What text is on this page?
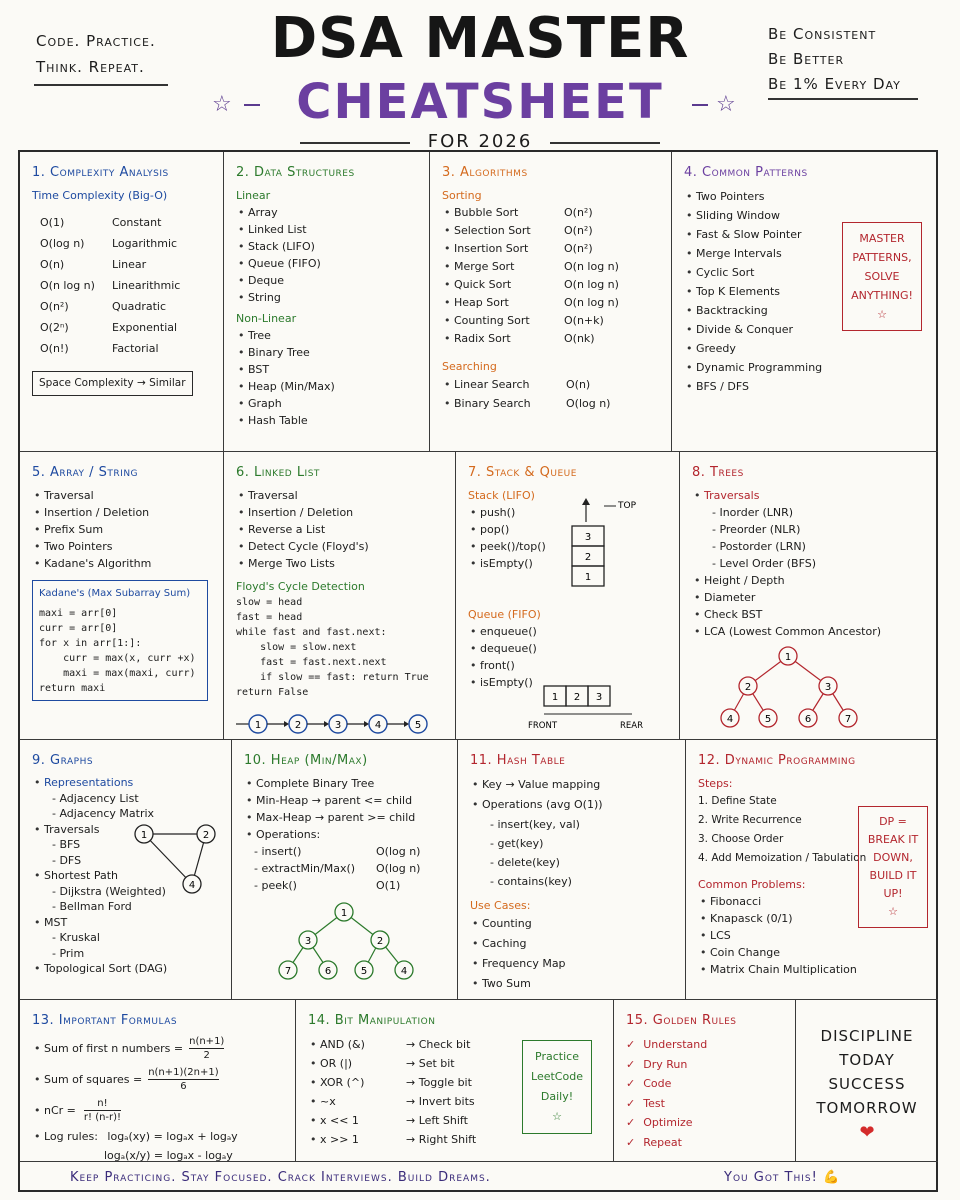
Code. Practice.
Think. Repeat.	DSA MASTER	Be Consistent
Be Better
Be 1% Every Day
CHEATSHEET
☆	☆
FOR 2026
1. Complexity Analysis
Time Complexity (Big-O)
O(1)	Constant
O(log n)	Logarithmic
O(n)	Linear
O(n log n)	Linearithmic
O(n²)	Quadratic
O(2ⁿ)	Exponential
O(n!)	Factorial
Space Complexity → Similar
2. Data Structures
Linear
• Array
• Linked List
• Stack (LIFO)
• Queue (FIFO)
• Deque
• String
Non-Linear
• Tree
• Binary Tree
• BST
• Heap (Min/Max)
• Graph
• Hash Table
3. Algorithms
Sorting
• Bubble Sort	O(n²)
• Selection Sort	O(n²)
• Insertion Sort	O(n²)
• Merge Sort	O(n log n)
• Quick Sort	O(n log n)
• Heap Sort	O(n log n)
• Counting Sort	O(n+k)
• Radix Sort	O(nk)
Searching
• Linear Search	O(n)
• Binary Search	O(log n)
4. Common Patterns
• Two Pointers
• Sliding Window
• Fast & Slow Pointer
• Merge Intervals
• Cyclic Sort
• Top K Elements
• Backtracking
• Divide & Conquer
• Greedy
• Dynamic Programming
• BFS / DFS
MASTER
PATTERNS,
SOLVE
ANYTHING!
☆
5. Array / String
• Traversal
• Insertion / Deletion
• Prefix Sum
• Two Pointers
• Kadane's Algorithm
Kadane's (Max Subarray Sum)
maxi = arr[0]
curr = arr[0]
for x in arr[1:]:
curr = max(x, curr +x)
maxi = max(maxi, curr)
return maxi
6. Linked List
• Traversal
• Insertion / Deletion
• Reverse a List
• Detect Cycle (Floyd's)
• Merge Two Lists
Floyd's Cycle Detection
slow = head
fast = head
while fast and fast.next:
slow = slow.next
fast = fast.next.next
if slow == fast: return True
return False
1	2	3	4	5
7. Stack & Queue
Stack (LIFO)
• push()
• pop()
• peek()/top()
• isEmpty()
TOP
3
2
1
Queue (FIFO)
• enqueue()
• dequeue()
• front()
• isEmpty()
1 2 3
FRONT	REAR
8. Trees
• Traversals
- Inorder (LNR)
- Preorder (NLR)
- Postorder (LRN)
- Level Order (BFS)
• Height / Depth
• Diameter
• Check BST
• LCA (Lowest Common Ancestor)
1
2	3
4	5	6	7
9. Graphs
• Representations
- Adjacency List
- Adjacency Matrix
• Traversals
- BFS
- DFS
• Shortest Path
- Dijkstra (Weighted)
- Bellman Ford
• MST
- Kruskal
- Prim
• Topological Sort (DAG)
1	2
4
10. Heap (Min/Max)
• Complete Binary Tree
• Min-Heap → parent <= child
• Max-Heap → parent >= child
• Operations:
- insert()	O(log n)
- extractMin/Max()	O(log n)
- peek()	O(1)
1
3	2
7	6	5	4
11. Hash Table
• Key → Value mapping
• Operations (avg O(1))
- insert(key, val)
- get(key)
- delete(key)
- contains(key)
Use Cases:
• Counting
• Caching
• Frequency Map
• Two Sum
12. Dynamic Programming
Steps:
1. Define State
2. Write Recurrence
3. Choose Order
4. Add Memoization / Tabulation
Common Problems:
• Fibonacci
• Knapasck (0/1)
• LCS
• Coin Change
• Matrix Chain Multiplication
DP =
BREAK IT
DOWN,
BUILD IT
UP!
☆
13. Important Formulas
• Sum of first n numbers = $\frac{n(n+1)}{2}$
• Sum of squares = $\frac{n(n+1)(2n+1)}{6}$
• nCr = $\frac{n!}{r! (n-r)!}$
• Log rules: logₐ(xy) = logₐx + logₐy
logₐ(x/y) = logₐx - logₐy
14. Bit Manipulation
• AND (&)	→ Check bit
• OR (|)	→ Set bit
• XOR (^)	→ Toggle bit
• ~x	→ Invert bits
• x << 1	→ Left Shift
• x >> 1	→ Right Shift
Practice
LeetCode
Daily!
☆
15. Golden Rules
✓ Understand
✓ Dry Run
✓ Code
✓ Test
✓ Optimize
✓ Repeat
DISCIPLINE
TODAY
SUCCESS
TOMORROW
❤
Keep Practicing. Stay Focused. Crack Interviews. Build Dreams.	You Got This! 💪
